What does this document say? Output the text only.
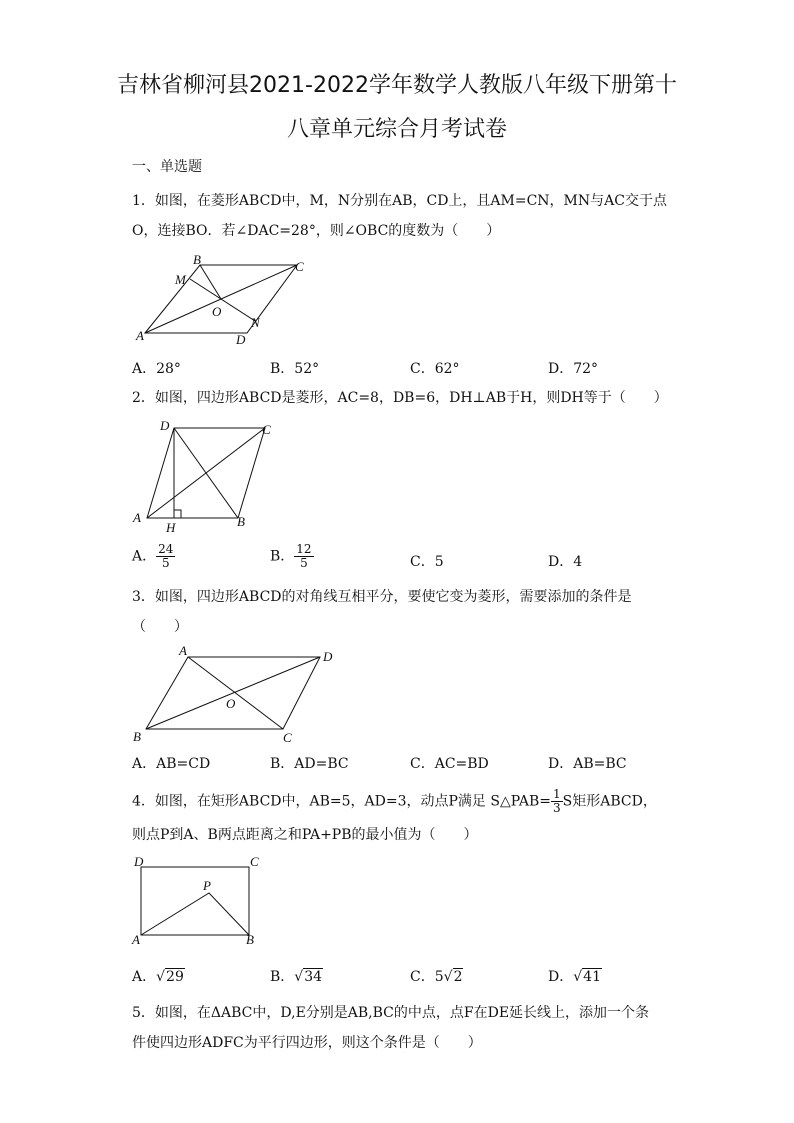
吉林省柳河县2021-2022学年数学人教版八年级下册第十
八章单元综合月考试卷
一、单选题
1．如图，在菱形ABCD中，M，N分别在AB，CD上，且AM=CN，MN与AC交于点
O，连接BO．若∠DAC=28°，则∠OBC的度数为（　　）
B	C
M
O
A
N
D
A．28°	B．52°	C．62°	D．72°
2．如图，四边形ABCD是菱形，AC=8，DB=6，DH⊥AB于H，则DH等于（　　）
D	C
A
H	B
A． $\frac{24}{5}$	B． $\frac{12}{5}$	C．5	D．4
3．如图，四边形ABCD的对角线互相平分，要使它变为菱形，需要添加的条件是
（　　）
A	D
O
B	C
A．AB=CD	B．AD=BC	C．AC=BD	D．AB=BC
4．如图，在矩形ABCD中，AB=5，AD=3，动点P满足 S△PAB= $\frac{1}{3}$ S矩形ABCD，
则点P到A、B两点距离之和PA+PB的最小值为（　　）
D	C
P
A	B
A．√29	B．√34	C．5√2	D．√41
5．如图，在ΔABC中，D,E分别是AB,BC的中点，点F在DE延长线上，添加一个条
件使四边形ADFC为平行四边形，则这个条件是（　　）
